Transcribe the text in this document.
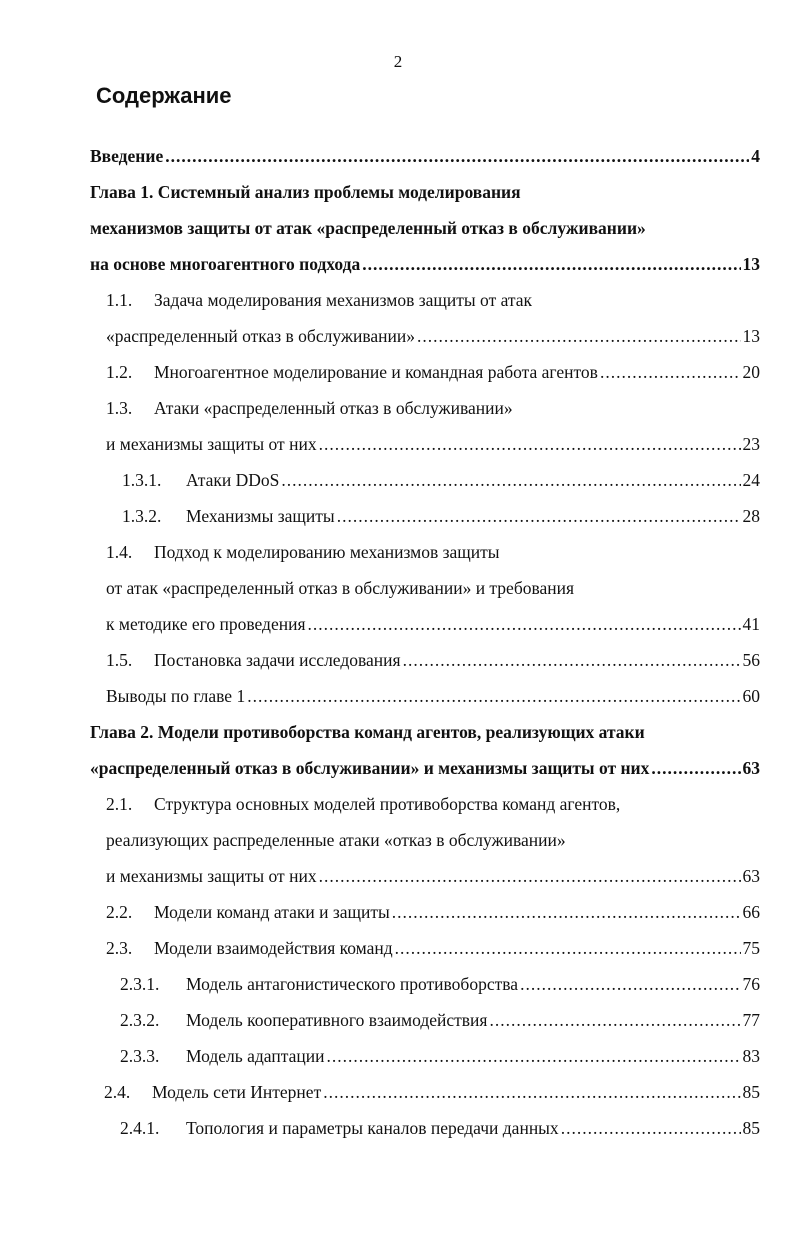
2
Содержание
Введение .....	4
Глава 1. Системный анализ проблемы моделирования
механизмов защиты от атак «распределенный отказ в обслуживании»
на основе многоагентного подхода .....	13
1.1.	Задача моделирования механизмов защиты от атак
«распределенный отказ в обслуживании» .....	13
1.2.	Многоагентное моделирование и командная работа агентов .....	20
1.3.	Атаки «распределенный отказ в обслуживании»
и механизмы защиты от них .....	23
1.3.1.	Атаки DDoS .....	24
1.3.2.	Механизмы защиты .....	28
1.4.	Подход к моделированию механизмов защиты
от атак «распределенный отказ в обслуживании» и требования
к методике его проведения .....	41
1.5.	Постановка задачи исследования .....	56
Выводы по главе 1 .....	60
Глава 2. Модели противоборства команд агентов, реализующих атаки
«распределенный отказ в обслуживании» и механизмы защиты от них .....	63
2.1.	Структура основных моделей противоборства команд агентов,
реализующих распределенные атаки «отказ в обслуживании»
и механизмы защиты от них .....	63
2.2.	Модели команд атаки и защиты .....	66
2.3.	Модели взаимодействия команд .....	75
2.3.1.	Модель антагонистического противоборства .....	76
2.3.2.	Модель кооперативного взаимодействия .....	77
2.3.3.	Модель адаптации .....	83
2.4.	Модель сети Интернет .....	85
2.4.1.	Топология и параметры каналов передачи данных .....	85
